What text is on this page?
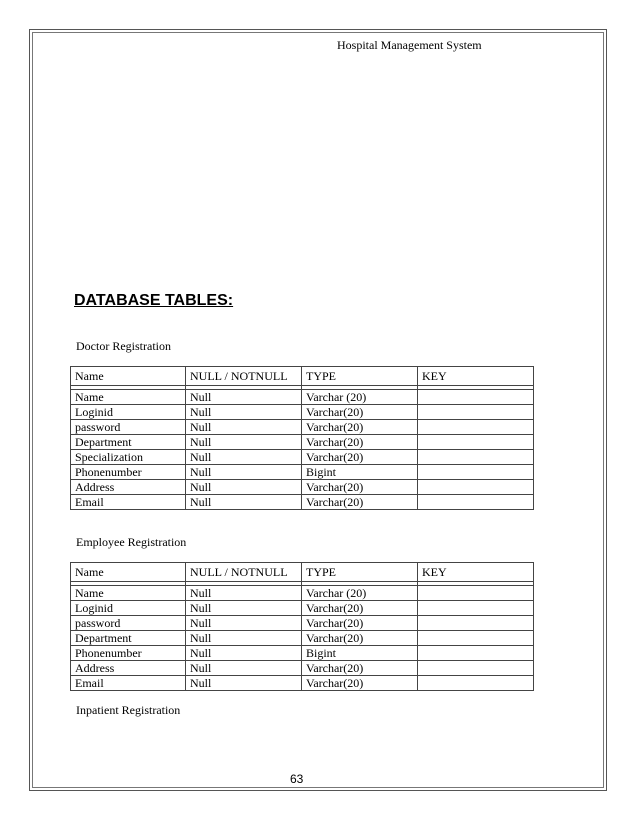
Hospital Management System
DATABASE TABLES:
Doctor Registration
Name	NULL / NOTNULL	TYPE	KEY

Name	Null	Varchar (20)	
Loginid	Null	Varchar(20)	
password	Null	Varchar(20)	
Department	Null	Varchar(20)	
Specialization	Null	Varchar(20)	
Phonenumber	Null	Bigint	
Address	Null	Varchar(20)	
Email	Null	Varchar(20)	
Employee Registration
Name	NULL / NOTNULL	TYPE	KEY

Name	Null	Varchar (20)	
Loginid	Null	Varchar(20)	
password	Null	Varchar(20)	
Department	Null	Varchar(20)	
Phonenumber	Null	Bigint	
Address	Null	Varchar(20)	
Email	Null	Varchar(20)	
Inpatient Registration
63
